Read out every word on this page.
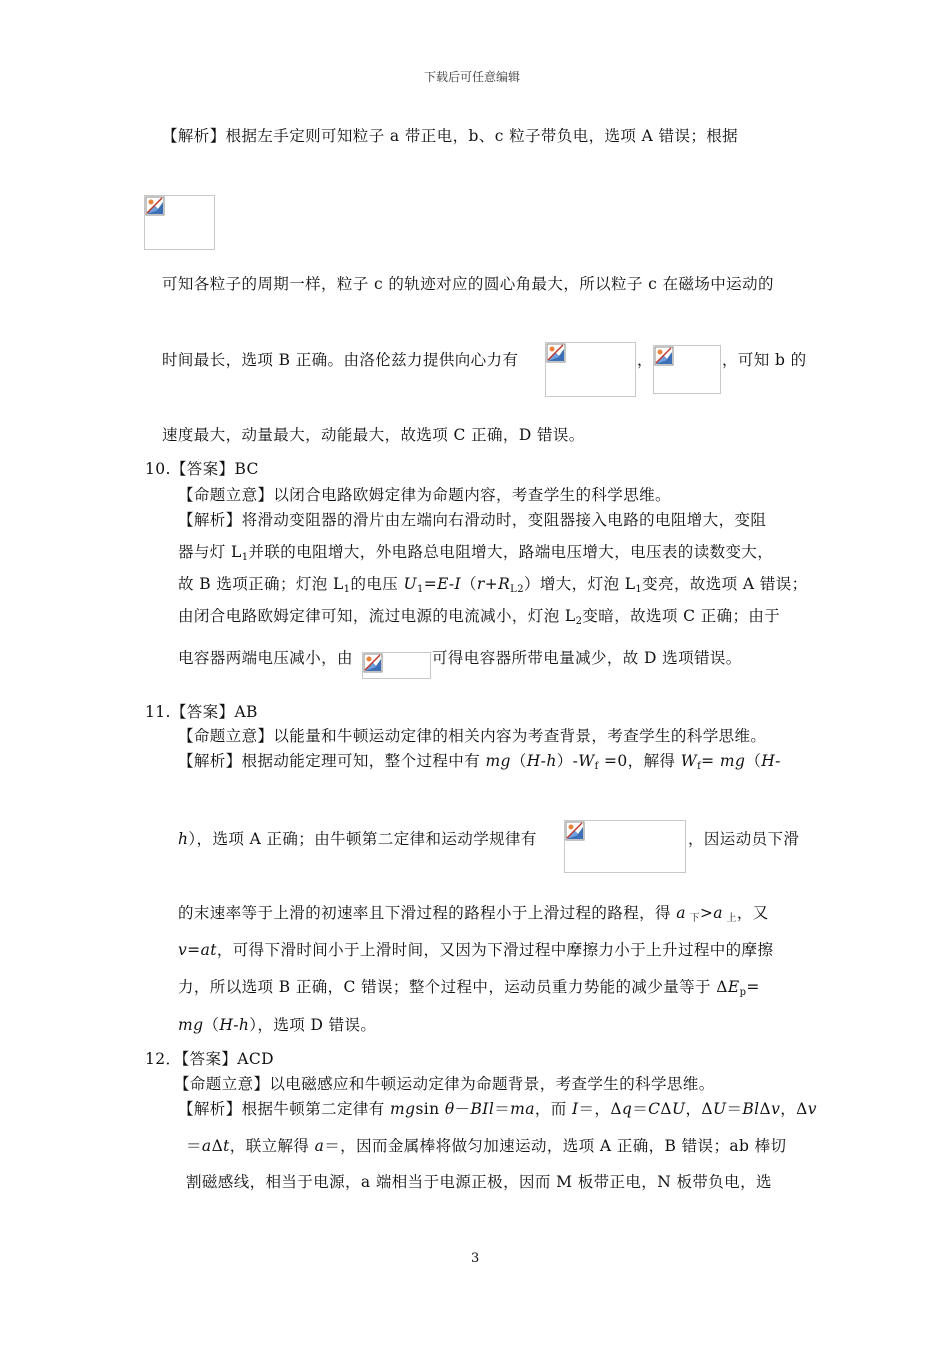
下载后可任意编辑
【解析】根据左手定则可知粒子 a 带正电，b、c 粒子带负电，选项 A 错误；根据
可知各粒子的周期一样，粒子 c 的轨迹对应的圆心角最大，所以粒子 c 在磁场中运动的
时间最长，选项 B 正确。由洛伦兹力提供向心力有	，	，可知 b 的
速度最大，动量最大，动能最大，故选项 C 正确，D 错误。
10.【答案】BC
【命题立意】以闭合电路欧姆定律为命题内容，考查学生的科学思维。
【解析】将滑动变阻器的滑片由左端向右滑动时，变阻器接入电路的电阻增大，变阻
器与灯 $L_1$并联的电阻增大，外电路总电阻增大，路端电压增大，电压表的读数变大，
故 B 选项正确；灯泡 $L_1$的电压 $U_1=E-I(r+R_{L2})$增大，灯泡 $L_1$变亮，故选项 A 错误；
由闭合电路欧姆定律可知，流过电源的电流减小，灯泡 $L_2$变暗，故选项 C 正确；由于
电容器两端电压减小，由	可得电容器所带电量减少，故 D 选项错误。
11.【答案】AB
【命题立意】以能量和牛顿运动定律的相关内容为考查背景，考查学生的科学思维。
【解析】根据动能定理可知，整个过程中有 $mg(H-h)-W_f =0$，解得 $W_f= mg(H-$
h），选项 A 正确；由牛顿第二定律和运动学规律有	，因运动员下滑
的末速率等于上滑的初速率且下滑过程的路程小于上滑过程的路程，得 a $_下$>a $_上$，又
v=at，可得下滑时间小于上滑时间，又因为下滑过程中摩擦力小于上升过程中的摩擦
力，所以选项 B 正确，C 错误；整个过程中，运动员重力势能的减少量等于 $\Delta E_p=$
mg（H-h），选项 D 错误。
12．【答案】ACD
【命题立意】以电磁感应和牛顿运动定律为命题背景，考查学生的科学思维。
【解析】根据牛顿第二定律有 mgsin θ－BIl＝ma，而 I＝，Δq＝CΔU，ΔU＝BlΔv，Δv
＝aΔt，联立解得 a＝，因而金属棒将做匀加速运动，选项 A 正确，B 错误；ab 棒切
割磁感线，相当于电源，a 端相当于电源正极，因而 M 板带正电，N 板带负电，选
3
